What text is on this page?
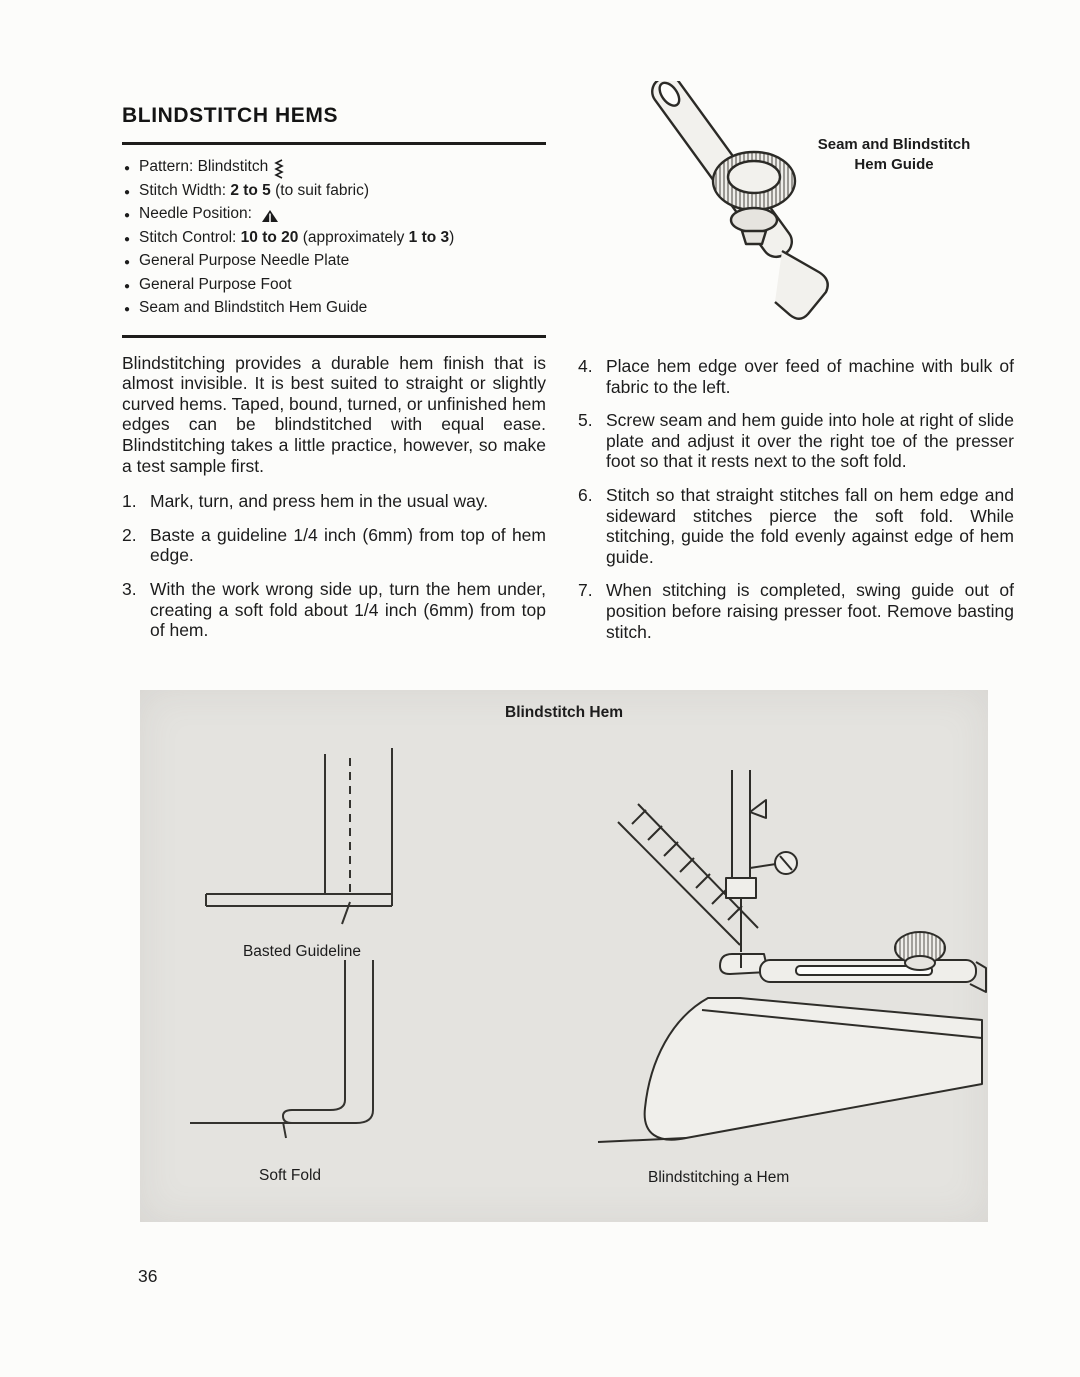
BLINDSTITCH HEMS
● Pattern: Blindstitch
● Stitch Width: 2 to 5 (to suit fabric)
● Needle Position:
● Stitch Control: 10 to 20 (approximately 1 to 3)
● General Purpose Needle Plate
● General Purpose Foot
● Seam and Blindstitch Hem Guide

Blindstitching provides a durable hem finish that is almost invisible. It is best suited to straight or slightly curved hems. Taped, bound, turned, or unfinished hem edges can be blindstitched with equal ease. Blindstitching takes a little practice, however, so make a test sample first.

1. Mark, turn, and press hem in the usual way.
2. Baste a guideline 1/4 inch (6mm) from top of hem edge.
3. With the work wrong side up, turn the hem under, creating a soft fold about 1/4 inch (6mm) from top of hem.
Seam and Blindstitch
Hem Guide
4. Place hem edge over feed of machine with bulk of fabric to the left.
5. Screw seam and hem guide into hole at right of slide plate and adjust it over the right toe of the presser foot so that it rests next to the soft fold.
6. Stitch so that straight stitches fall on hem edge and sideward stitches pierce the soft fold. While stitching, guide the fold evenly against edge of hem guide.
7. When stitching is completed, swing guide out of position before raising presser foot. Remove basting stitch.
Blindstitch Hem
Basted Guideline
Soft Fold	Blindstitching a Hem
36
